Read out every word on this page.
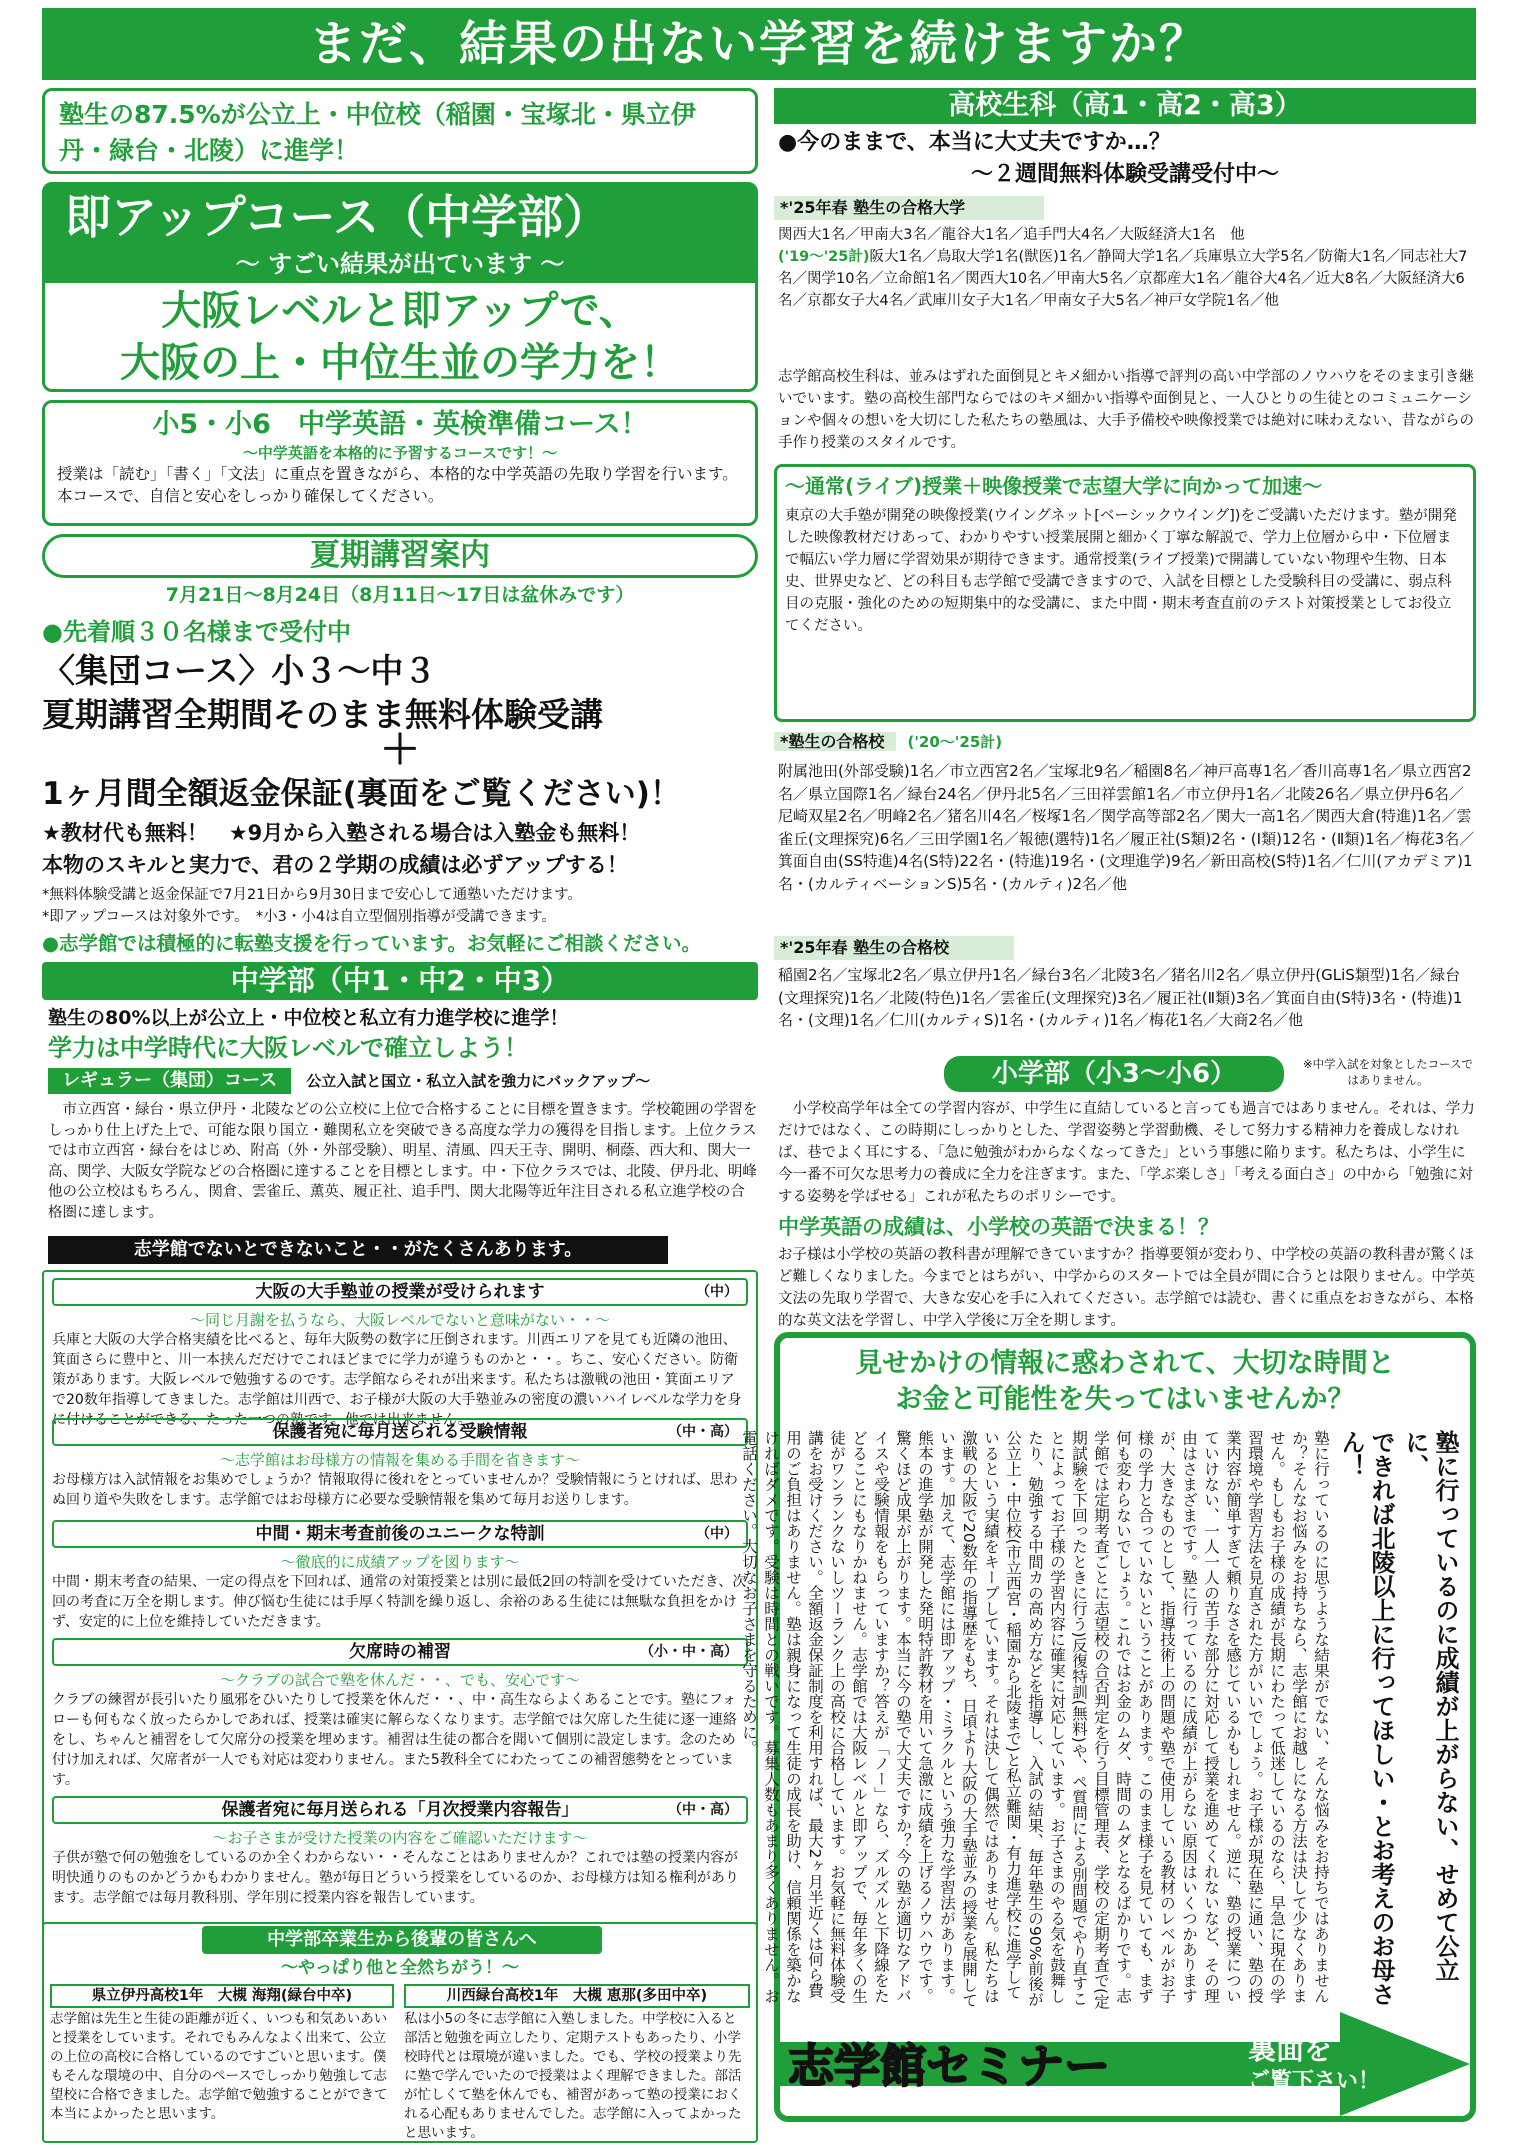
まだ、結果の出ない学習を続けますか？
塾生の87.5%が公立上・中位校（稲園・宝塚北・県立伊丹・緑台・北陵）に進学！
即アップコース（中学部）
～ すごい結果が出ています ～
大阪レベルと即アップで、
大阪の上・中位生並の学力を！
小5・小6　中学英語・英検準備コース！
～中学英語を本格的に予習するコースです！～
授業は「読む」「書く」「文法」に重点を置きながら、本格的な中学英語の先取り学習を行います。本コースで、自信と安心をしっかり確保してください。
夏期講習案内
7月21日～8月24日（8月11日～17日は盆休みです）
●先着順３０名様まで受付中
〈集団コース〉小３～中３
夏期講習全期間そのまま無料体験受講
＋
1ヶ月間全額返金保証(裏面をご覧ください)！
★教材代も無料！　★9月から入塾される場合は入塾金も無料！
本物のスキルと実力で、君の２学期の成績は必ずアップする！
*無料体験受講と返金保証で7月21日から9月30日まで安心して通塾いただけます。
*即アップコースは対象外です。　*小3・小4は自立型個別指導が受講できます。
●志学館では積極的に転塾支援を行っています。お気軽にご相談ください。
中学部（中1・中2・中3）
塾生の80%以上が公立上・中位校と私立有力進学校に進学！
学力は中学時代に大阪レベルで確立しよう！
レギュラー（集団）コース 公立入試と国立・私立入試を強力にバックアップ～
市立西宮・緑台・県立伊丹・北陵などの公立校に上位で合格することに目標を置きます。学校範囲の学習をしっかり仕上げた上で、可能な限り国立・難関私立を突破できる高度な学力の獲得を目指します。上位クラスでは市立西宮・緑台をはじめ、附高（外・外部受験）、明星、清風、四天王寺、開明、桐蔭、西大和、関大一高、関学、大阪女学院などの合格圏に達することを目標とします。中・下位クラスでは、北陵、伊丹北、明峰他の公立校はもちろん、関倉、雲雀丘、薫英、履正社、追手門、関大北陽等近年注目される私立進学校の合格圏に達します。
志学館でないとできないこと・・がたくさんあります。
大阪の大手塾並の授業が受けられます	（中）
～同じ月謝を払うなら、大阪レベルでないと意味がない・・～
兵庫と大阪の大学合格実績を比べると、毎年大阪勢の数字に圧倒されます。川西エリアを見ても近隣の池田、箕面さらに豊中と、川一本挟んだだけでこれほどまでに学力が違うものかと・・。ちこ、安心ください。防衛策があります。大阪レベルで勉強するのです。志学館ならそれが出来ます。私たちは激戦の池田・箕面エリアで20数年指導してきました。志学館は川西で、お子様が大阪の大手塾並みの密度の濃いハイレベルな学力を身に付けることができる、たった一つの塾です。他では出来ません。
保護者宛に毎月送られる受験情報	（中・高）
～志学館はお母様方の情報を集める手間を省きます～
お母様方は入試情報をお集めでしょうか？情報取得に後れをとっていませんか？受験情報にうとければ、思わぬ回り道や失敗をします。志学館ではお母様方に必要な受験情報を集めて毎月お送りします。
中間・期末考査前後のユニークな特訓	（中）
～徹底的に成績アップを図ります～
中間・期末考査の結果、一定の得点を下回れば、通常の対策授業とは別に最低2回の特訓を受けていただき、次回の考査に万全を期します。伸び悩む生徒には手厚く特訓を繰り返し、余裕のある生徒には無駄な負担をかけず、安定的に上位を維持していただきます。
欠席時の補習	（小・中・高）
～クラブの試合で塾を休んだ・・、でも、安心です～
クラブの練習が長引いたり風邪をひいたりして授業を休んだ・・、中・高生ならよくあることです。塾にフォローも何もなく放ったらかしであれば、授業は確実に解らなくなります。志学館では欠席した生徒に逐一連絡をし、ちゃんと補習をして欠席分の授業を埋めます。補習は生徒の都合を聞いて個別に設定します。念のため付け加えれば、欠席者が一人でも対応は変わりません。また5教科全てにわたってこの補習態勢をとっています。
保護者宛に毎月送られる「月次授業内容報告」	（中・高）
～お子さまが受けた授業の内容をご確認いただけます～
子供が塾で何の勉強をしているのか全くわからない・・そんなことはありませんか？これでは塾の授業内容が明快通りのものかどうかもわかりません。塾が毎日どういう授業をしているのか、お母様方は知る権利があります。志学館では毎月教科別、学年別に授業内容を報告しています。
中学部卒業生から後輩の皆さんへ
～やっぱり他と全然ちがう！～
県立伊丹高校1年　大槻 海翔(緑台中卒)
志学館は先生と生徒の距離が近く、いつも和気あいあいと授業をしています。それでもみんなよく出来て、公立の上位の高校に合格しているのですごいと思います。僕もそんな環境の中、自分のペースでしっかり勉強して志望校に合格できました。志学館で勉強することができて本当によかったと思います。
川西緑台高校1年　大槻 恵那(多田中卒)
私は小5の冬に志学館に入塾しました。中学校に入ると部活と勉強を両立したり、定期テストもあったり、小学校時代とは環境が違いました。でも、学校の授業より先に塾で学んでいたので授業はよく理解できました。部活が忙しくて塾を休んでも、補習があって塾の授業におくれる心配もありませんでした。志学館に入ってよかったと思います。
高校生科（高1・高2・高3）
●今のままで、本当に大丈夫ですか…？
～２週間無料体験受講受付中～
*'25年春 塾生の合格大学
関西大1名／甲南大3名／龍谷大1名／追手門大4名／大阪経済大1名　他
('19～'25計)阪大1名／鳥取大学1名(獣医)1名／静岡大学1名／兵庫県立大学5名／防衛大1名／同志社大7名／関学10名／立命館1名／関西大10名／甲南大5名／京都産大1名／龍谷大4名／近大8名／大阪経済大6名／京都女子大4名／武庫川女子大1名／甲南女子大5名／神戸女学院1名／他
志学館高校生科は、並みはずれた面倒見とキメ細かい指導で評判の高い中学部のノウハウをそのまま引き継いでいます。塾の高校生部門ならではのキメ細かい指導や面倒見と、一人ひとりの生徒とのコミュニケーションや個々の想いを大切にした私たちの塾風は、大手予備校や映像授業では絶対に味わえない、昔ながらの手作り授業のスタイルです。
～通常(ライブ)授業＋映像授業で志望大学に向かって加速～
東京の大手塾が開発の映像授業(ウイングネット[ベーシックウイング])をご受講いただけます。塾が開発した映像教材だけあって、わかりやすい授業展開と細かく丁寧な解説で、学力上位層から中・下位層まで幅広い学力層に学習効果が期待できます。通常授業(ライブ授業)で開講していない物理や生物、日本史、世界史など、どの科目も志学館で受講できますので、入試を目標とした受験科目の受講に、弱点科目の克服・強化のための短期集中的な受講に、また中間・期末考査直前のテスト対策授業としてお役立てください。
*塾生の合格校 ('20～'25計)
附属池田(外部受験)1名／市立西宮2名／宝塚北9名／稲園8名／神戸高専1名／香川高専1名／県立西宮2名／県立国際1名／緑台24名／伊丹北5名／三田祥雲館1名／市立伊丹1名／北陵26名／県立伊丹6名／尼崎双星2名／明峰2名／猪名川4名／桜塚1名／関学高等部2名／関大一高1名／関西大倉(特進)1名／雲雀丘(文理探究)6名／三田学園1名／報徳(選特)1名／履正社(S類)2名・(Ⅰ類)12名・(Ⅱ類)1名／梅花3名／箕面自由(SS特進)4名(S特)22名・(特進)19名・(文理進学)9名／新田高校(S特)1名／仁川(アカデミア)1名・(カルティベーションS)5名・(カルティ)2名／他
*'25年春 塾生の合格校
稲園2名／宝塚北2名／県立伊丹1名／緑台3名／北陵3名／猪名川2名／県立伊丹(GLiS類型)1名／緑台(文理探究)1名／北陵(特色)1名／雲雀丘(文理探究)3名／履正社(Ⅱ類)3名／箕面自由(S特)3名・(特進)1名・(文理)1名／仁川(カルティS)1名・(カルティ)1名／梅花1名／大商2名／他
小学部（小3～小6）	※中学入試を対象としたコースではありません。
小学校高学年は全ての学習内容が、中学生に直結していると言っても過言ではありません。それは、学力だけではなく、この時期にしっかりとした、学習姿勢と学習動機、そして努力する精神力を養成しなければ、巷でよく耳にする、「急に勉強がわからなくなってきた」という事態に陥ります。私たちは、小学生に今一番不可欠な思考力の養成に全力を注ぎます。また、「学ぶ楽しさ」「考える面白さ」の中から「勉強に対する姿勢を学ばせる」これが私たちのポリシーです。
中学英語の成績は、小学校の英語で決まる！？
お子様は小学校の英語の教科書が理解できていますか？指導要領が変わり、中学校の英語の教科書が驚くほど難しくなりました。今までとはちがい、中学からのスタートでは全員が間に合うとは限りません。中学英文法の先取り学習で、大きな安心を手に入れてください。志学館では読む、書くに重点をおきながら、本格的な英文法を学習し、中学入学後に万全を期します。
見せかけの情報に惑わされて、大切な時間と
お金と可能性を失ってはいませんか？
塾に行っているのに成績が上がらない、せめて公立に、
できれば北陵以上に行ってほしい・とお考えのお母さん！
塾に行っているのに思うような結果がでない、そんな悩みをお持ちではありませんか？そんなお悩みをお持ちなら、志学館にお越しになる方法は決して少なくありません。もしもお子様の成績が長期にわたって低迷しているのなら、早急に現在の学習環境や学習方法を見直された方がいいでしょう。お子様が現在塾に通い、塾の授業内容が簡単すぎて頼りなさを感じているかもしれません。逆に、塾の授業についていけない、一人一人の苦手な部分に対応して授業を進めてくれないなど、その理由はさまざまです。塾に行っているのに成績が上がらない原因はいくつかありますが、大きなものとして、指導技術上の問題や塾で使用している教材のレベルがお子様の学力と合っていないということがあります。このまま様子を見ていても、まず何も変わらないでしょう。これではお金のムダ、時間のムダとなるばかりです。志学館では定期考査ごとに志望校の合否判定を行う目標管理表、学校の定期考査で(定期試験を下回ったときに行う)反復特訓(無料)や、ペ質問による別問題でやり直すことによってお子様の学習内容に確実に対応しています。お子さまのやる気を鼓舞したり、勉強する中間カの高め方などを指導し、入試の結果、毎年塾生の90%前後が公立上・中位校(市立西宮・稲園から北陵まで)と私立難関・有力進学校に進学しているという実績をキープしています。それは決して偶然ではありません。私たちは激戦の大阪で20数年の指導歴をもち、日頃より大阪の大手塾並みの授業を展開しています。加えて、志学館には即アップ・ミラクルという強力な学習法があります。熊本の進学塾が開発した発明特許教材を用いて急激に成績を上げるノウハウです。驚くほど成果が上がります。本当に今の塾で大丈夫ですか？今の塾が適切なアドバイスや受験情報をもらっていますか？答えが「ノー」なら、ズルズルと下降線をたどることにもなりかねません。志学館では大阪レベルと即アップで、毎年多くの生徒がワンランクないしツーランク上の高校に合格しています。お気軽に無料体験受講をお受けください。全額返金保証制度を利用すれば、最大2ヶ月半近くは何ら費用のご負担はありません。塾は親身になって生徒の成長を助け、信頼関係を築かなければダメです。受験は時間との戦いです。募集人数もあまり多くありません。お電話ください。大切なお子さまを守るために。
志学館セミナー	裏面を
ご覧下さい！
